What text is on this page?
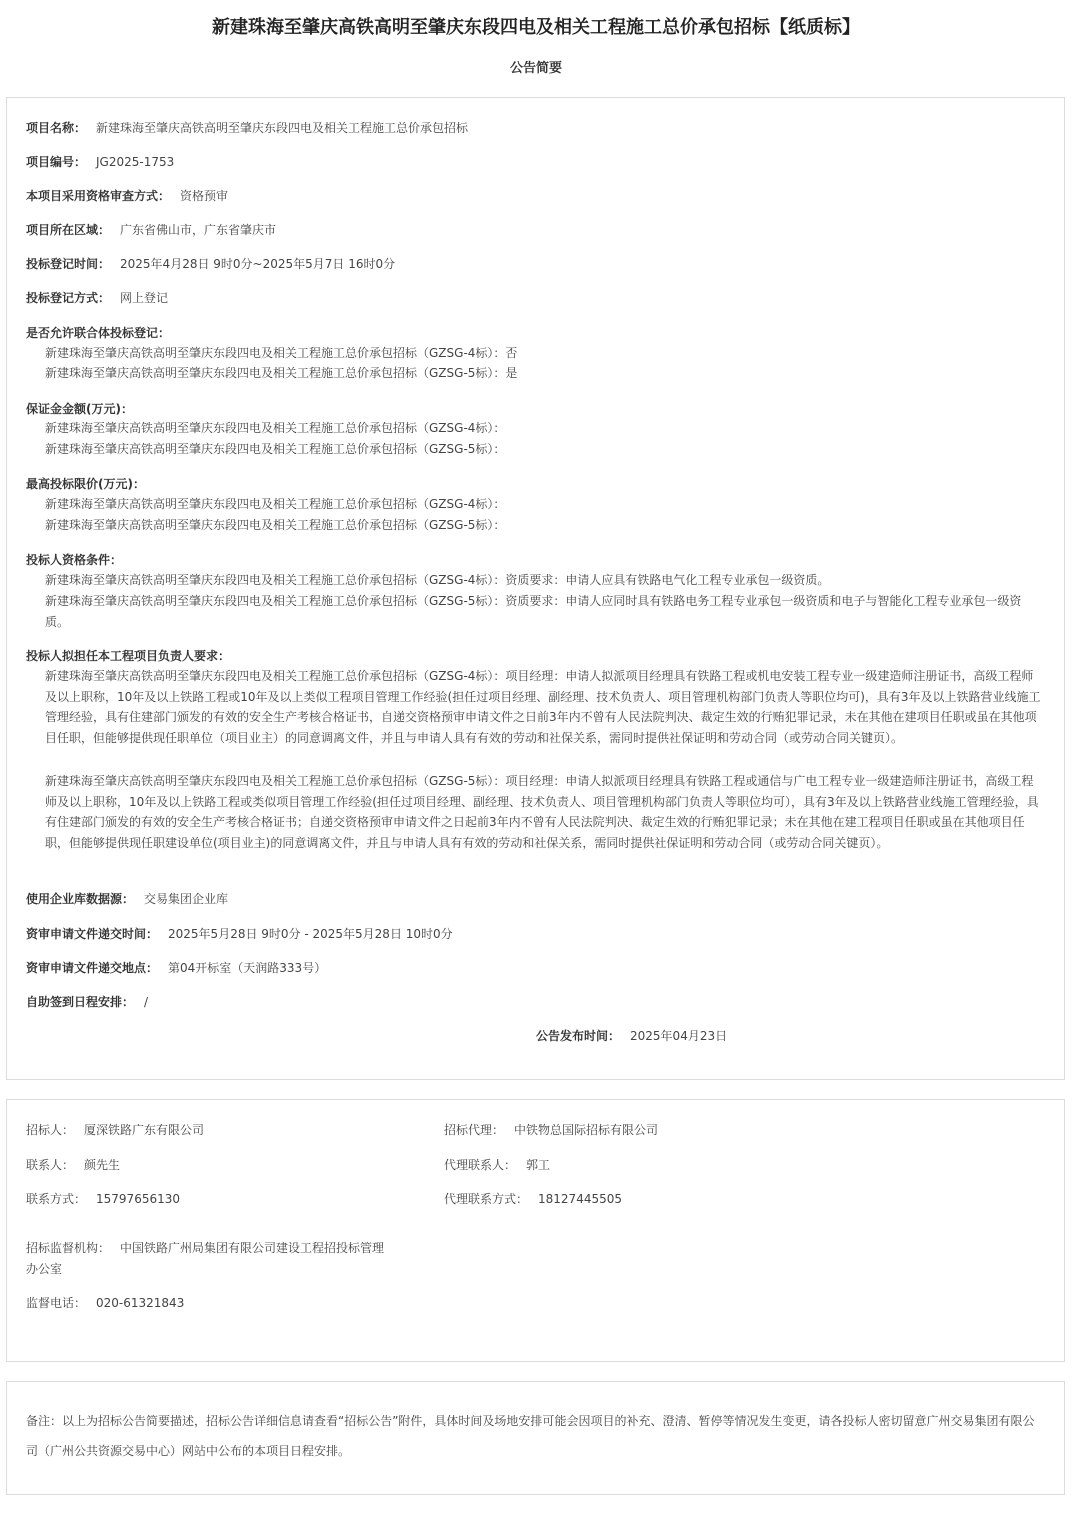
新建珠海至肇庆高铁高明至肇庆东段四电及相关工程施工总价承包招标【纸质标】
公告简要
项目名称： 新建珠海至肇庆高铁高明至肇庆东段四电及相关工程施工总价承包招标
项目编号： JG2025-1753
本项目采用资格审查方式： 资格预审
项目所在区域： 广东省佛山市，广东省肇庆市
投标登记时间： 2025年4月28日 9时0分~2025年5月7日 16时0分
投标登记方式： 网上登记
是否允许联合体投标登记：
新建珠海至肇庆高铁高明至肇庆东段四电及相关工程施工总价承包招标（GZSG-4标）：否
新建珠海至肇庆高铁高明至肇庆东段四电及相关工程施工总价承包招标（GZSG-5标）：是
保证金金额(万元)：
新建珠海至肇庆高铁高明至肇庆东段四电及相关工程施工总价承包招标（GZSG-4标）：
新建珠海至肇庆高铁高明至肇庆东段四电及相关工程施工总价承包招标（GZSG-5标）：
最高投标限价(万元)：
新建珠海至肇庆高铁高明至肇庆东段四电及相关工程施工总价承包招标（GZSG-4标）：
新建珠海至肇庆高铁高明至肇庆东段四电及相关工程施工总价承包招标（GZSG-5标）：
投标人资格条件：
新建珠海至肇庆高铁高明至肇庆东段四电及相关工程施工总价承包招标（GZSG-4标）：资质要求：申请人应具有铁路电气化工程专业承包一级资质。
新建珠海至肇庆高铁高明至肇庆东段四电及相关工程施工总价承包招标（GZSG-5标）：资质要求：申请人应同时具有铁路电务工程专业承包一级资质和电子与智能化工程专业承包一级资质。
投标人拟担任本工程项目负责人要求：
新建珠海至肇庆高铁高明至肇庆东段四电及相关工程施工总价承包招标（GZSG-4标）：项目经理：申请人拟派项目经理具有铁路工程或机电安装工程专业一级建造师注册证书，高级工程师及以上职称，10年及以上铁路工程或10年及以上类似工程项目管理工作经验(担任过项目经理、副经理、技术负责人、项目管理机构部门负责人等职位均可)，具有3年及以上铁路营业线施工管理经验，具有住建部门颁发的有效的安全生产考核合格证书，自递交资格预审申请文件之日前3年内不曾有人民法院判决、裁定生效的行贿犯罪记录，未在其他在建项目任职或虽在其他项目任职，但能够提供现任职单位（项目业主）的同意调离文件，并且与申请人具有有效的劳动和社保关系，需同时提供社保证明和劳动合同（或劳动合同关键页）。
新建珠海至肇庆高铁高明至肇庆东段四电及相关工程施工总价承包招标（GZSG-5标）：项目经理：申请人拟派项目经理具有铁路工程或通信与广电工程专业一级建造师注册证书，高级工程师及以上职称，10年及以上铁路工程或类似项目管理工作经验(担任过项目经理、副经理、技术负责人、项目管理机构部门负责人等职位均可），具有3年及以上铁路营业线施工管理经验，具有住建部门颁发的有效的安全生产考核合格证书；自递交资格预审申请文件之日起前3年内不曾有人民法院判决、裁定生效的行贿犯罪记录；未在其他在建工程项目任职或虽在其他项目任职，但能够提供现任职建设单位(项目业主)的同意调离文件，并且与申请人具有有效的劳动和社保关系，需同时提供社保证明和劳动合同（或劳动合同关键页）。
使用企业库数据源： 交易集团企业库
资审申请文件递交时间： 2025年5月28日 9时0分 - 2025年5月28日 10时0分
资审申请文件递交地点： 第04开标室（天润路333号）
自助签到日程安排： /
公告发布时间： 2025年04月23日
招标人： 厦深铁路广东有限公司	招标代理： 中铁物总国际招标有限公司
联系人： 颜先生	代理联系人： 郭工
联系方式： 15797656130	代理联系方式： 18127445505
招标监督机构： 中国铁路广州局集团有限公司建设工程招投标管理
办公室
监督电话： 020-61321843
备注：以上为招标公告简要描述，招标公告详细信息请查看“招标公告”附件，具体时间及场地安排可能会因项目的补充、澄清、暂停等情况发生变更，请各投标人密切留意广州交易集团有限公司（广州公共资源交易中心）网站中公布的本项目日程安排。
